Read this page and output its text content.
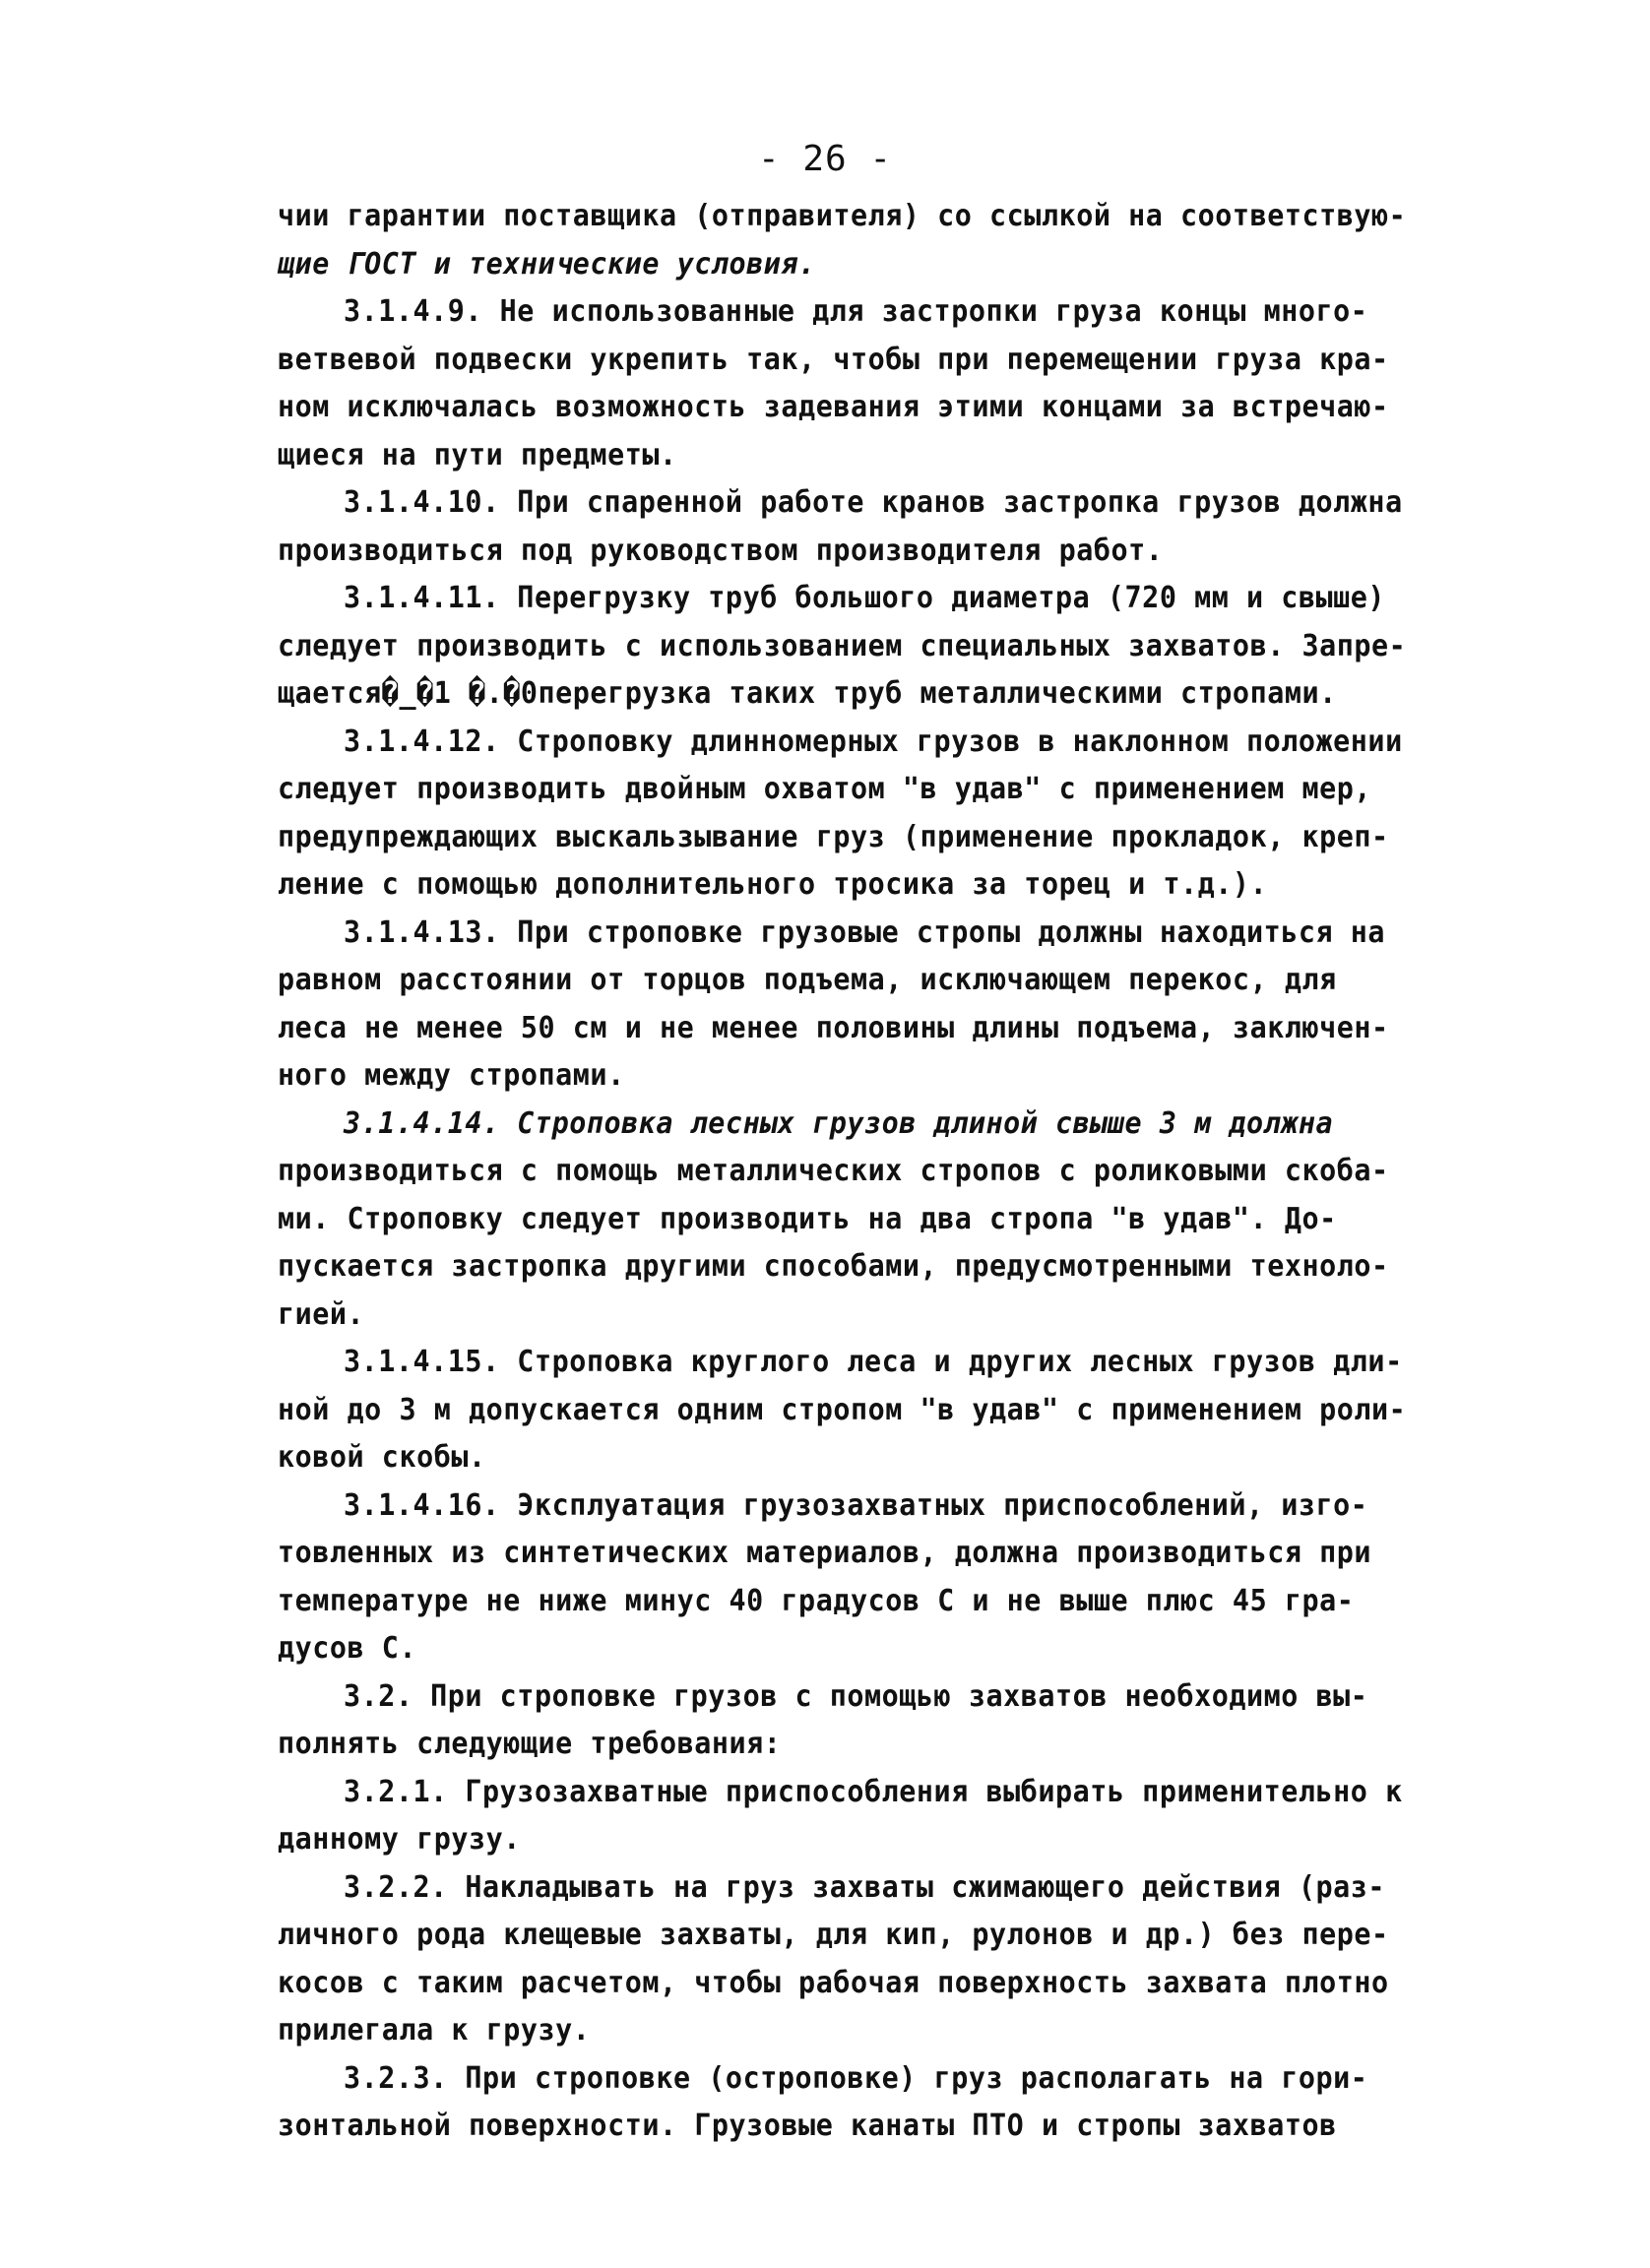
- 26 -
чии гарантии поставщика (отправителя) со ссылкой на соответствую-
щие ГОСТ и технические условия.
3.1.4.9. Не использованные для застропки груза концы много-
ветвевой подвески укрепить так, чтобы при перемещении груза кра-
ном исключалась возможность задевания этими концами за встречаю-
щиеся на пути предметы.
3.1.4.10. При спаренной работе кранов застропка грузов должна
производиться под руководством производителя работ.
3.1.4.11. Перегрузку труб большого диаметра (720 мм и свыше)
следует производить с использованием специальных захватов. Запре-
щается�_�1 �.�0перегрузка таких труб металлическими стропами.
3.1.4.12. Строповку длинномерных грузов в наклонном положении
следует производить двойным охватом "в удав" с применением мер,
предупреждающих выскальзывание груз (применение прокладок, креп-
ление с помощью дополнительного тросика за торец и т.д.).
3.1.4.13. При строповке грузовые стропы должны находиться на
равном расстоянии от торцов подъема, исключающем перекос, для
леса не менее 50 см и не менее половины длины подъема, заключен-
ного между стропами.
3.1.4.14. Строповка лесных грузов длиной свыше 3 м должна
производиться с помощь металлических стропов с роликовыми скоба-
ми. Строповку следует производить на два стропа "в удав". До-
пускается застропка другими способами, предусмотренными техноло-
гией.
3.1.4.15. Строповка круглого леса и других лесных грузов дли-
ной до 3 м допускается одним стропом "в удав" с применением роли-
ковой скобы.
3.1.4.16. Эксплуатация грузозахватных приспособлений, изго-
товленных из синтетических материалов, должна производиться при
температуре не ниже минус 40 градусов С и не выше плюс 45 гра-
дусов С.
3.2. При строповке грузов с помощью захватов необходимо вы-
полнять следующие требования:
3.2.1. Грузозахватные приспособления выбирать применительно к
данному грузу.
3.2.2. Накладывать на груз захваты сжимающего действия (раз-
личного рода клещевые захваты, для кип, рулонов и др.) без пере-
косов с таким расчетом, чтобы рабочая поверхность захвата плотно
прилегала к грузу.
3.2.3. При строповке (остроповке) груз располагать на гори-
зонтальной поверхности. Грузовые канаты ПТО и стропы захватов
